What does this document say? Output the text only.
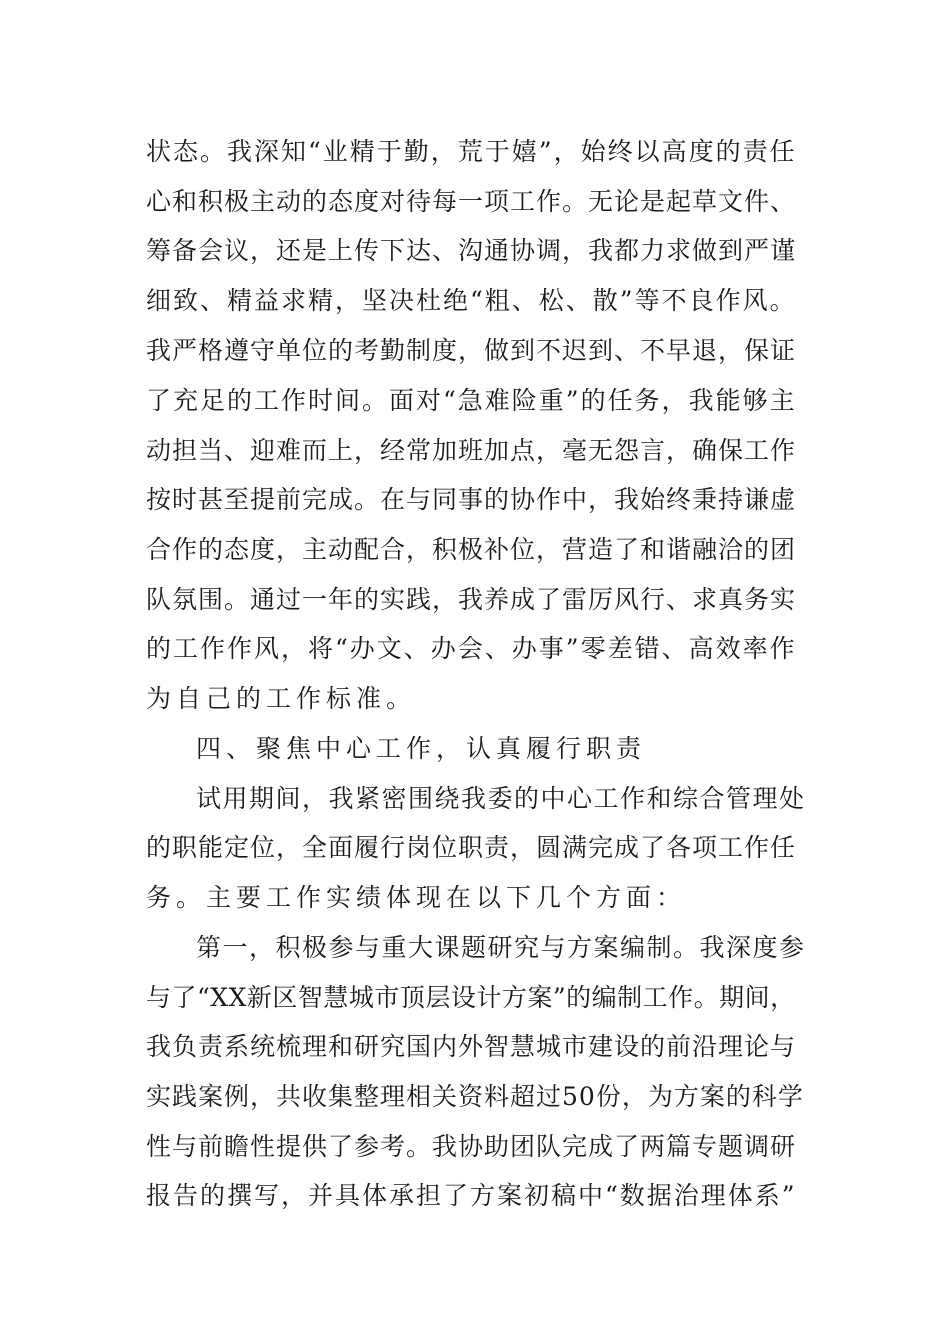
状态。我深知“业精于勤，荒于嬉”，始终以高度的责任
心和积极主动的态度对待每一项工作。无论是起草文件、
筹备会议，还是上传下达、沟通协调，我都力求做到严谨
细致、精益求精，坚决杜绝“粗、松、散”等不良作风。
我严格遵守单位的考勤制度，做到不迟到、不早退，保证
了充足的工作时间。面对“急难险重”的任务，我能够主
动担当、迎难而上，经常加班加点，毫无怨言，确保工作
按时甚至提前完成。在与同事的协作中，我始终秉持谦虚
合作的态度，主动配合，积极补位，营造了和谐融洽的团
队氛围。通过一年的实践，我养成了雷厉风行、求真务实
的工作作风，将“办文、办会、办事”零差错、高效率作
为自己的工作标准。
四、聚焦中心工作，认真履行职责
试用期间，我紧密围绕我委的中心工作和综合管理处
的职能定位，全面履行岗位职责，圆满完成了各项工作任
务。主要工作实绩体现在以下几个方面：
第一，积极参与重大课题研究与方案编制。我深度参
与了“XX新区智慧城市顶层设计方案”的编制工作。期间，
我负责系统梳理和研究国内外智慧城市建设的前沿理论与
实践案例，共收集整理相关资料超过50份，为方案的科学
性与前瞻性提供了参考。我协助团队完成了两篇专题调研
报告的撰写，并具体承担了方案初稿中“数据治理体系”
